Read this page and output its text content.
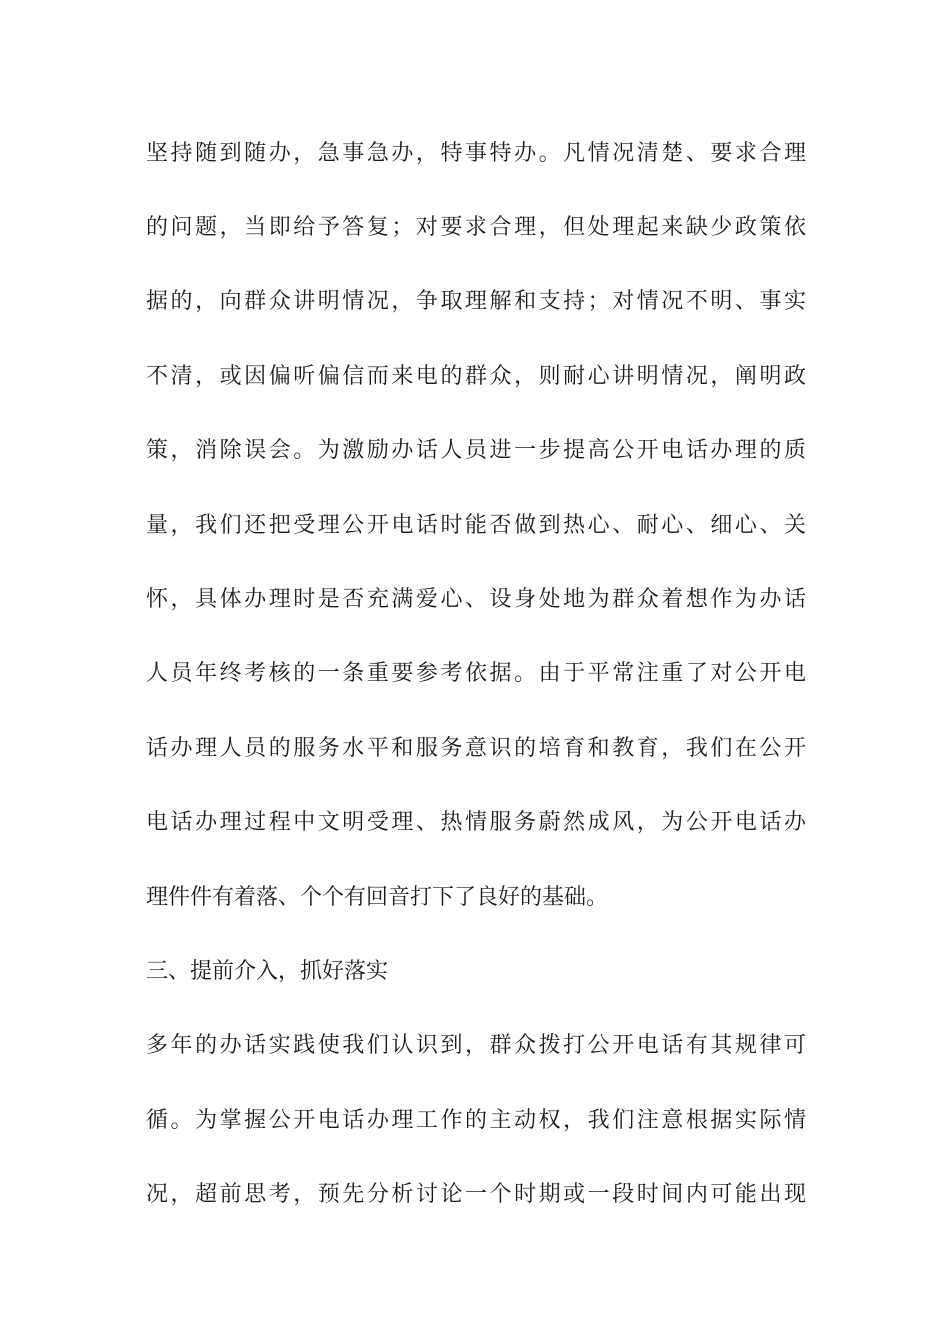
坚持随到随办，急事急办，特事特办。凡情况清楚、要求合理
的问题，当即给予答复；对要求合理，但处理起来缺少政策依
据的，向群众讲明情况，争取理解和支持；对情况不明、事实
不清，或因偏听偏信而来电的群众，则耐心讲明情况，阐明政
策，消除误会。为激励办话人员进一步提高公开电话办理的质
量，我们还把受理公开电话时能否做到热心、耐心、细心、关
怀，具体办理时是否充满爱心、设身处地为群众着想作为办话
人员年终考核的一条重要参考依据。由于平常注重了对公开电
话办理人员的服务水平和服务意识的培育和教育，我们在公开
电话办理过程中文明受理、热情服务蔚然成风，为公开电话办
理件件有着落、个个有回音打下了良好的基础。
三、提前介入，抓好落实
多年的办话实践使我们认识到，群众拨打公开电话有其规律可
循。为掌握公开电话办理工作的主动权，我们注意根据实际情
况，超前思考，预先分析讨论一个时期或一段时间内可能出现
